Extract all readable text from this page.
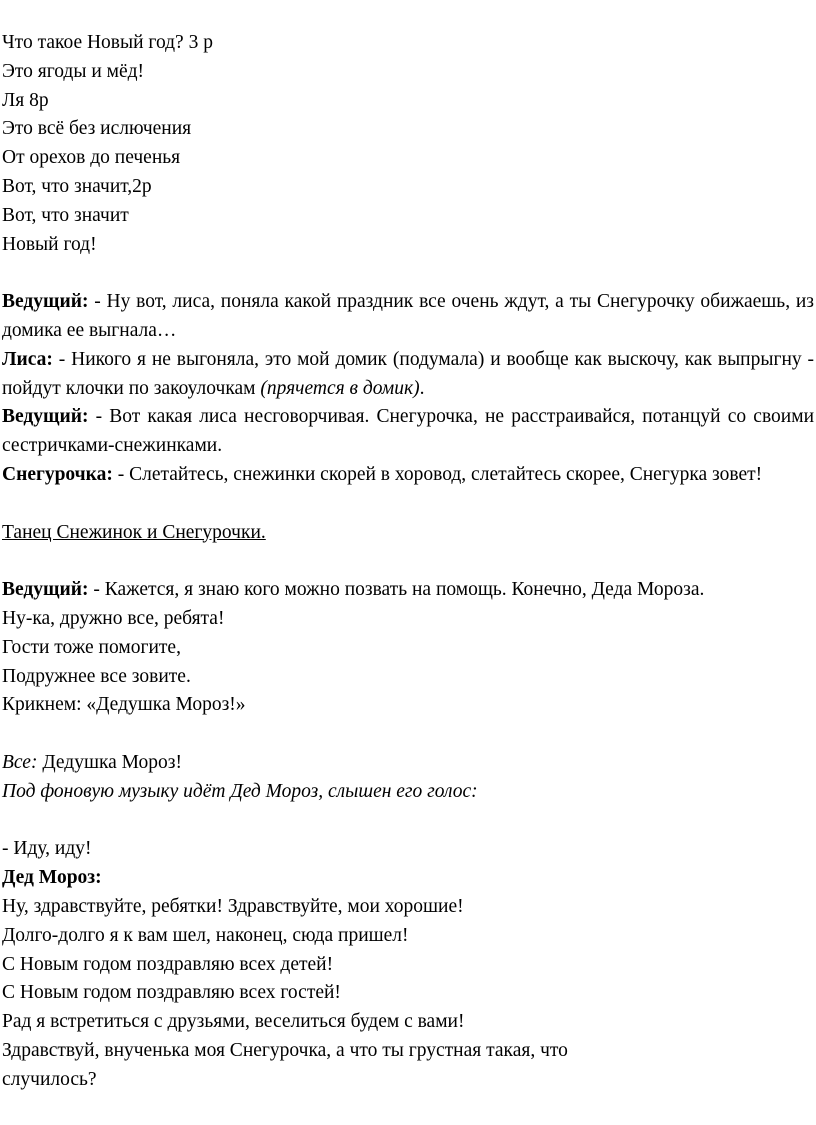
Что такое Новый год? 3 р
Это ягоды и мёд!
Ля 8р
Это всё без ислючения
От орехов до печенья
Вот, что значит,2р
Вот, что значит
Новый год!

Ведущий: - Ну вот, лиса, поняла какой праздник все очень ждут, а ты Снегурочку обижаешь, из домика ее выгнала…

Лиса: - Никого я не выгоняла, это мой домик (подумала) и вообще как выскочу, как выпрыгну - пойдут клочки по закоулочкам (прячется в домик).

Ведущий: - Вот какая лиса несговорчивая. Снегурочка, не расстраивайся, потанцуй со своими сестричками-снежинками.

Снегурочка: - Слетайтесь, снежинки скорей в хоровод, слетайтесь скорее, Снегурка зовет!

Танец Снежинок и Снегурочки.

Ведущий: - Кажется, я знаю кого можно позвать на помощь. Конечно, Деда Мороза.

Ну-ка, дружно все, ребята!
Гости тоже помогите,
Подружнее все зовите.
Крикнем: «Дедушка Мороз!»
Все: Дедушка Мороз!
Под фоновую музыку идёт Дед Мороз, слышен его голос:
- Иду, иду!
Дед Мороз:
Ну, здравствуйте, ребятки! Здравствуйте, мои хорошие!
Долго-долго я к вам шел, наконец, сюда пришел!
С Новым годом поздравляю всех детей!
С Новым годом поздравляю всех гостей!
Рад я встретиться с друзьями, веселиться будем с вами!
Здравствуй, внученька моя Снегурочка, а что ты грустная такая, что
случилось?
